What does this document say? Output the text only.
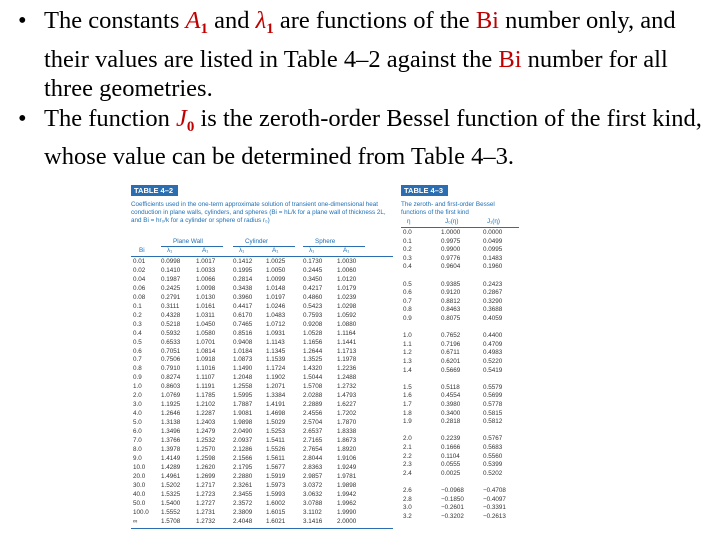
• The constants $A_1$ and $\lambda_1$ are functions of the Bi number only, and their values are listed in Table 4–2 against the Bi number for all three geometries.

• The function $J_0$ is the zeroth-order Bessel function of the first kind, whose value can be determined from Table 4–3.

TABLE 4–2
Coefficients used in the one-term approximate solution of transient one-dimensional heat conduction in plane walls, cylinders, and spheres (Bi = hL/k for a plane wall of thickness 2L, and Bi = hr₀/k for a cylinder or sphere of radius r₀)
Plane Wall	Cylinder	Sphere
Bi	λ₁	A₁	λ₁	A₁	λ₁	A₁
0.01 0.0998 1.0017	0.1412 1.0025	0.1730 1.0030
0.02 0.1410 1.0033	0.1995 1.0050	0.2445 1.0060
0.04 0.1987 1.0066	0.2814 1.0099	0.3450 1.0120
0.06 0.2425 1.0098	0.3438 1.0148	0.4217 1.0179
0.08 0.2791 1.0130	0.3960 1.0197	0.4860 1.0239
0.1	0.3111	1.0161	0.4417 1.0246	0.5423 1.0298
0.2	0.4328 1.0311	0.6170 1.0483	0.7593 1.0592
0.3	0.5218 1.0450	0.7465 1.0712	0.9208 1.0880
0.4	0.5932 1.0580	0.8516 1.0931	1.0528 1.1164
0.5	0.6533 1.0701	0.9408 1.1143	1.1656 1.1441
0.6	0.7051 1.0814	1.0184 1.1345	1.2644 1.1713
0.7	0.7506 1.0918	1.0873 1.1539	1.3525 1.1978
0.8	0.7910 1.1016	1.1490 1.1724	1.4320 1.2236
0.9	0.8274 1.1107	1.2048 1.1902	1.5044 1.2488
1.0	0.8603 1.1191	1.2558 1.2071	1.5708 1.2732
2.0	1.0769 1.1785	1.5995 1.3384	2.0288 1.4793
3.0	1.1925 1.2102	1.7887 1.4191	2.2889 1.6227
4.0	1.2646 1.2287	1.9081 1.4698	2.4556 1.7202
5.0	1.3138 1.2403	1.9898 1.5029	2.5704 1.7870
6.0	1.3496 1.2479	2.0490 1.5253	2.6537 1.8338
7.0	1.3766 1.2532	2.0937 1.5411	2.7165 1.8673
8.0	1.3978 1.2570	2.1286 1.5526	2.7654 1.8920
9.0	1.4149 1.2598	2.1566 1.5611	2.8044 1.9106
10.0 1.4289 1.2620	2.1795 1.5677	2.8363 1.9249
20.0 1.4961 1.2699	2.2880 1.5919	2.9857 1.9781
30.0 1.5202 1.2717	2.3261 1.5973	3.0372 1.9898
40.0 1.5325 1.2723	2.3455 1.5993	3.0632 1.9942
50.0 1.5400 1.2727	2.3572 1.6002	3.0788 1.9962
100.0 1.5552 1.2731	2.3809 1.6015	3.1102 1.9990
∞	1.5708 1.2732	2.4048 1.6021	3.1416 2.0000
TABLE 4–3
The zeroth- and first-order Bessel functions of the first kind
η	J₀(η)	J₁(η)
0.0	1.0000	0.0000
0.1	0.9975	0.0499
0.2	0.9900	0.0995
0.3	0.9776	0.1483
0.4	0.9604	0.1960
0.5	0.9385	0.2423
0.6	0.9120	0.2867
0.7	0.8812	0.3290
0.8	0.8463	0.3688
0.9	0.8075	0.4059
1.0	0.7652	0.4400
1.1	0.7196	0.4709
1.2	0.6711	0.4983
1.3	0.6201	0.5220
1.4	0.5669	0.5419
1.5	0.5118	0.5579
1.6	0.4554	0.5699
1.7	0.3980	0.5778
1.8	0.3400	0.5815
1.9	0.2818	0.5812
2.0	0.2239	0.5767
2.1	0.1666	0.5683
2.2	0.1104	0.5560
2.3	0.0555	0.5399
2.4	0.0025	0.5202
2.6	−0.0968	−0.4708
2.8	−0.1850	−0.4097
3.0	−0.2601	−0.3391
3.2	−0.3202	−0.2613
